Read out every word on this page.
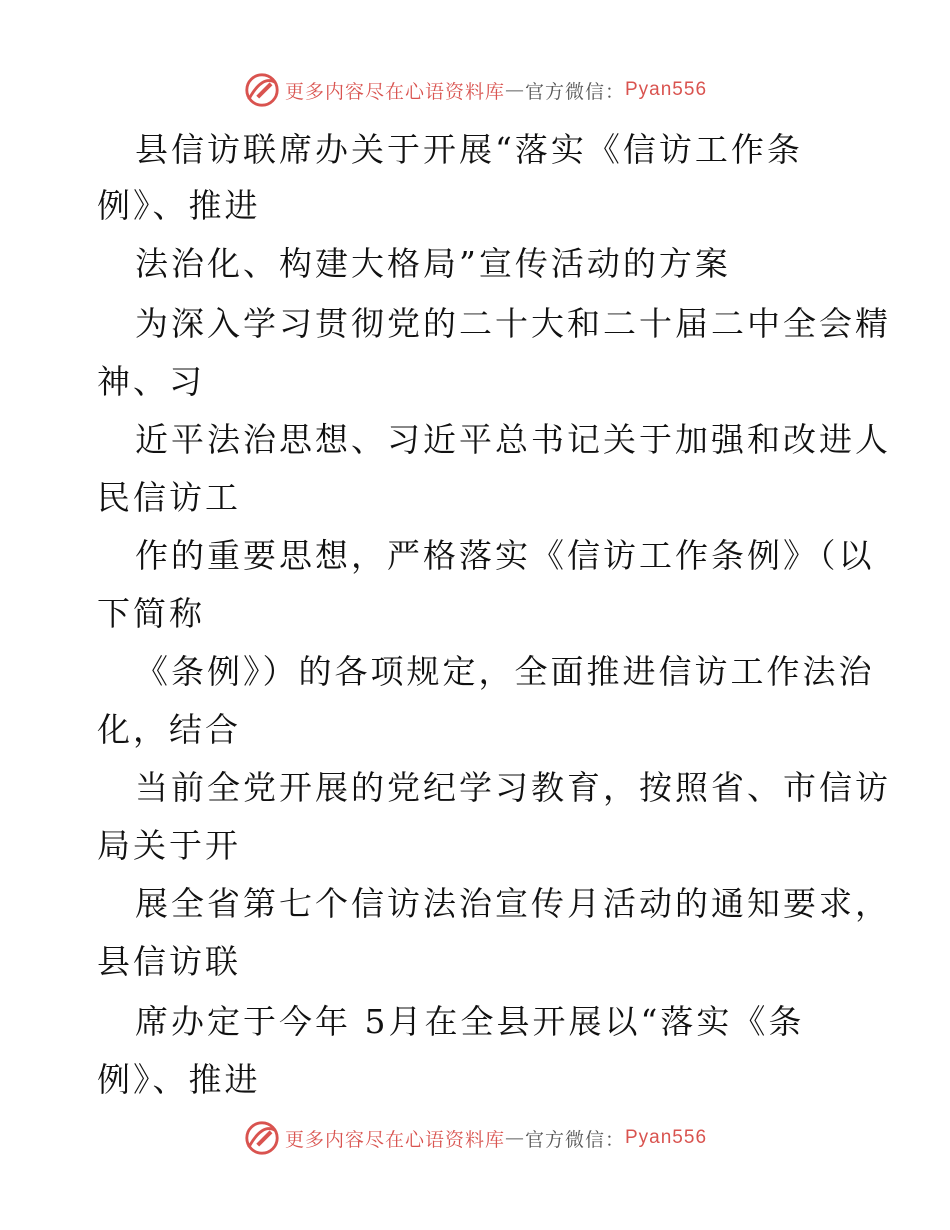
更多内容尽在心语资料库 — 官方微信： Pyan556
县信访联席办关于开展“落实《信访工作条
例》、推进
法治化、构建大格局”宣传活动的方案
为深入学习贯彻党的二十大和二十届二中全会精
神、习
近平法治思想、习近平总书记关于加强和改进人
民信访工
作的重要思想，严格落实《信访工作条例》（以
下简称
《条例》）的各项规定，全面推进信访工作法治
化，结合
当前全党开展的党纪学习教育，按照省、市信访
局关于开
展全省第七个信访法治宣传月活动的通知要求，
县信访联
席办定于今年 5月在全县开展以“落实《条
例》、推进
更多内容尽在心语资料库 — 官方微信： Pyan556
